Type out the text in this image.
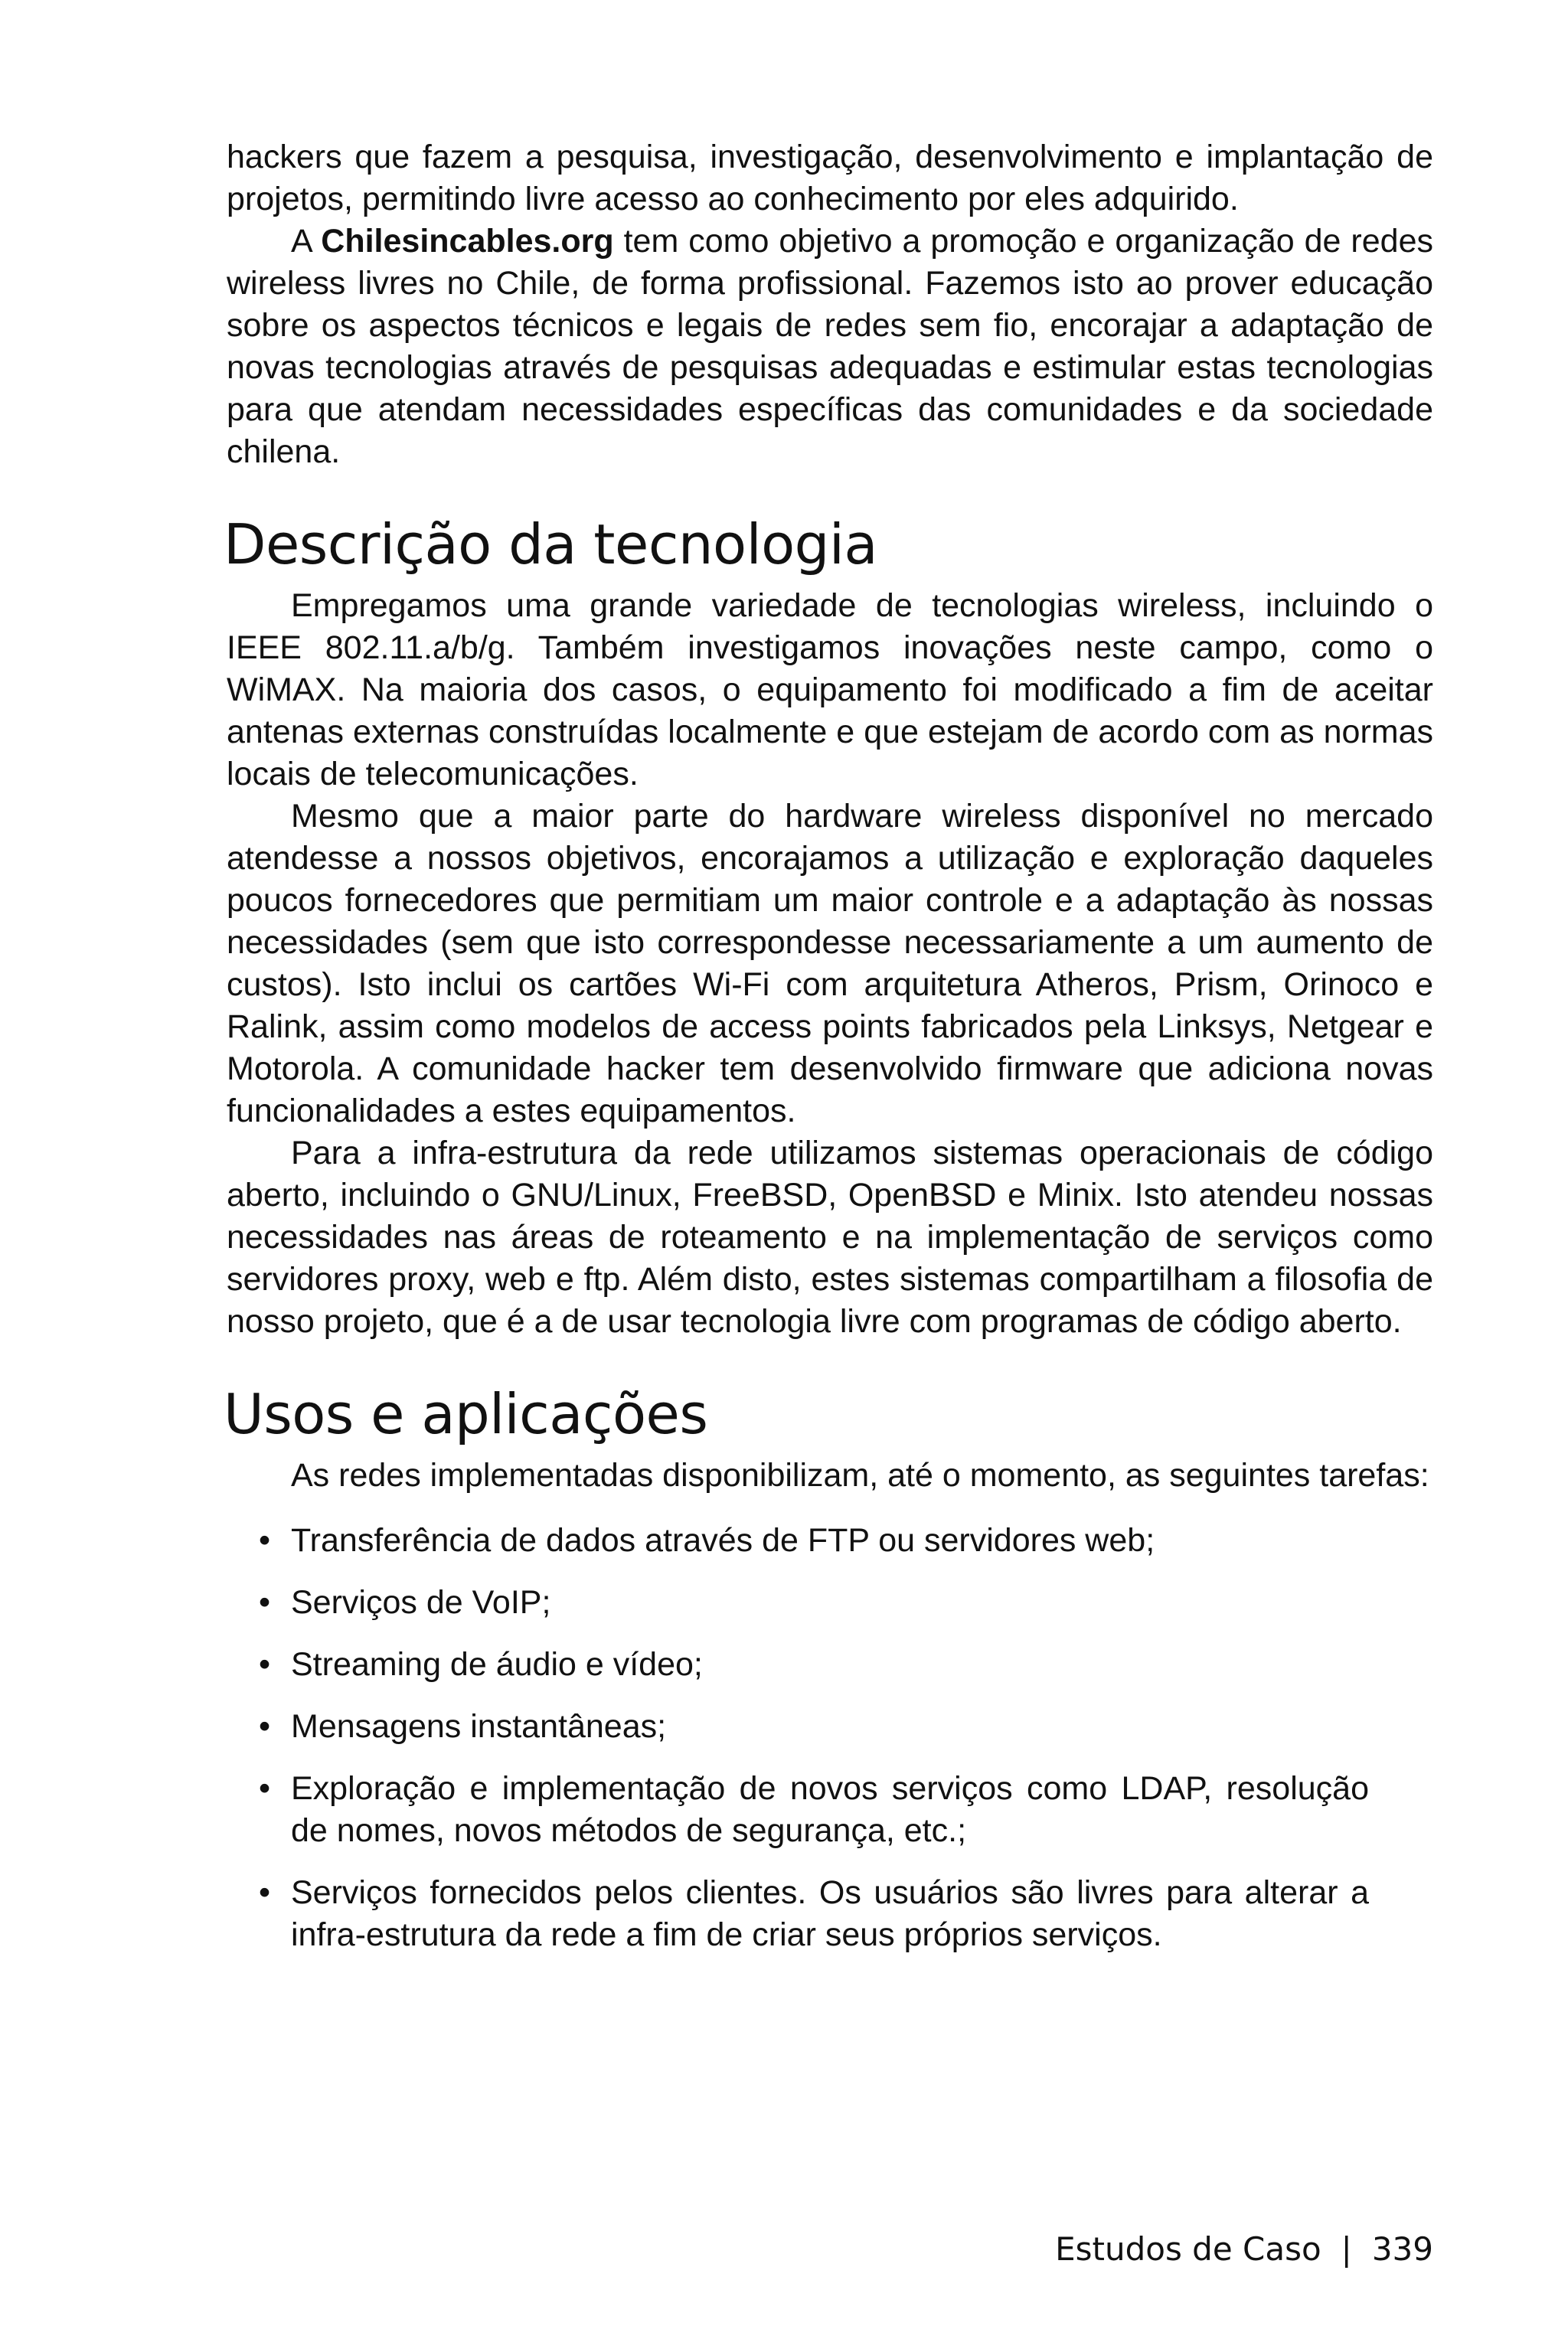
hackers que fazem a pesquisa, investigação, desenvolvimento e implantação de projetos, permitindo livre acesso ao conhecimento por eles adquirido.

A Chilesincables.org tem como objetivo a promoção e organização de redes wireless livres no Chile, de forma profissional. Fazemos isto ao prover educação sobre os aspectos técnicos e legais de redes sem fio, encorajar a adaptação de novas tecnologias através de pesquisas adequadas e estimular estas tecnologias para que atendam necessidades específicas das comunidades e da sociedade chilena.

Descrição da tecnologia

Empregamos uma grande variedade de tecnologias wireless, incluindo o IEEE 802.11.a/b/g. Também investigamos inovações neste campo, como o WiMAX. Na maioria dos casos, o equipamento foi modificado a fim de aceitar antenas externas construídas localmente e que estejam de acordo com as normas locais de telecomunicações.

Mesmo que a maior parte do hardware wireless disponível no mercado atendesse a nossos objetivos, encorajamos a utilização e exploração daqueles poucos fornecedores que permitiam um maior controle e a adaptação às nossas necessidades (sem que isto correspondesse necessariamente a um aumento de custos). Isto inclui os cartões Wi-Fi com arquitetura Atheros, Prism, Orinoco e Ralink, assim como modelos de access points fabricados pela Linksys, Netgear e Motorola. A comunidade hacker tem desenvolvido firmware que adiciona novas funcionalidades a estes equipamentos.

Para a infra-estrutura da rede utilizamos sistemas operacionais de código aberto, incluindo o GNU/Linux, FreeBSD, OpenBSD e Minix. Isto atendeu nossas necessidades nas áreas de roteamento e na implementação de serviços como servidores proxy, web e ftp. Além disto, estes sistemas compartilham a filosofia de nosso projeto, que é a de usar tecnologia livre com programas de código aberto.

Usos e aplicações

As redes implementadas disponibilizam, até o momento, as seguintes tarefas:

• Transferência de dados através de FTP ou servidores web;
• Serviços de VoIP;
• Streaming de áudio e vídeo;
• Mensagens instantâneas;
• Exploração e implementação de novos serviços como LDAP, resolução de nomes, novos métodos de segurança, etc.;
• Serviços fornecidos pelos clientes. Os usuários são livres para alterar a infra-estrutura da rede a fim de criar seus próprios serviços.
Estudos de Caso | 339
